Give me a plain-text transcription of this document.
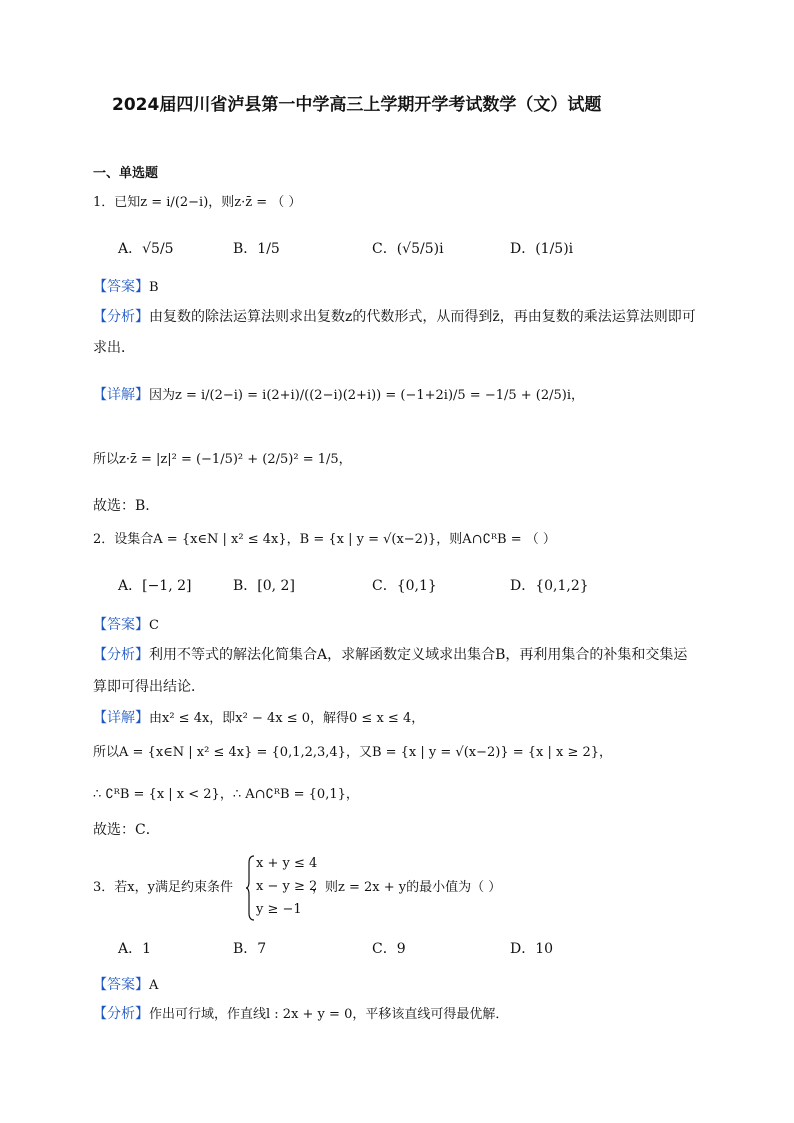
2024届四川省泸县第一中学高三上学期开学考试数学（文）试题
一、单选题
1．已知z = i/(2−i)，则z·z̄ = （ ）
A．√5/5	B．1/5	C．(√5/5)i	D．(1/5)i
【答案】B
【分析】由复数的除法运算法则求出复数z的代数形式，从而得到z̄，再由复数的乘法运算法则即可
求出．
【详解】因为z = i/(2−i) = i(2+i)/((2−i)(2+i)) = (−1+2i)/5 = −1/5 + (2/5)i，
所以z·z̄ = |z|² = (−1/5)² + (2/5)² = 1/5，
故选：B.
2．设集合A = {x∈N | x² ≤ 4x}，B = {x | y = √(x−2)}，则A∩∁ᴿB = （ ）
A．[−1, 2]	B．[0, 2]	C．{0,1}	D．{0,1,2}
【答案】C
【分析】利用不等式的解法化简集合A，求解函数定义域求出集合B，再利用集合的补集和交集运
算即可得出结论．
【详解】由x² ≤ 4x，即x² − 4x ≤ 0，解得0 ≤ x ≤ 4，
所以A = {x∈N | x² ≤ 4x} = {0,1,2,3,4}，又B = {x | y = √(x−2)} = {x | x ≥ 2}，
∴ ∁ᴿB = {x | x < 2}，∴ A∩∁ᴿB = {0,1}，
故选：C．
3．若x，y满足约束条件
x + y ≤ 4
x − y ≥ 2
y ≥ −1
，则z = 2x + y的最小值为（ ）
A．1	B．7	C．9	D．10
【答案】A
【分析】作出可行域，作直线l : 2x + y = 0，平移该直线可得最优解．
